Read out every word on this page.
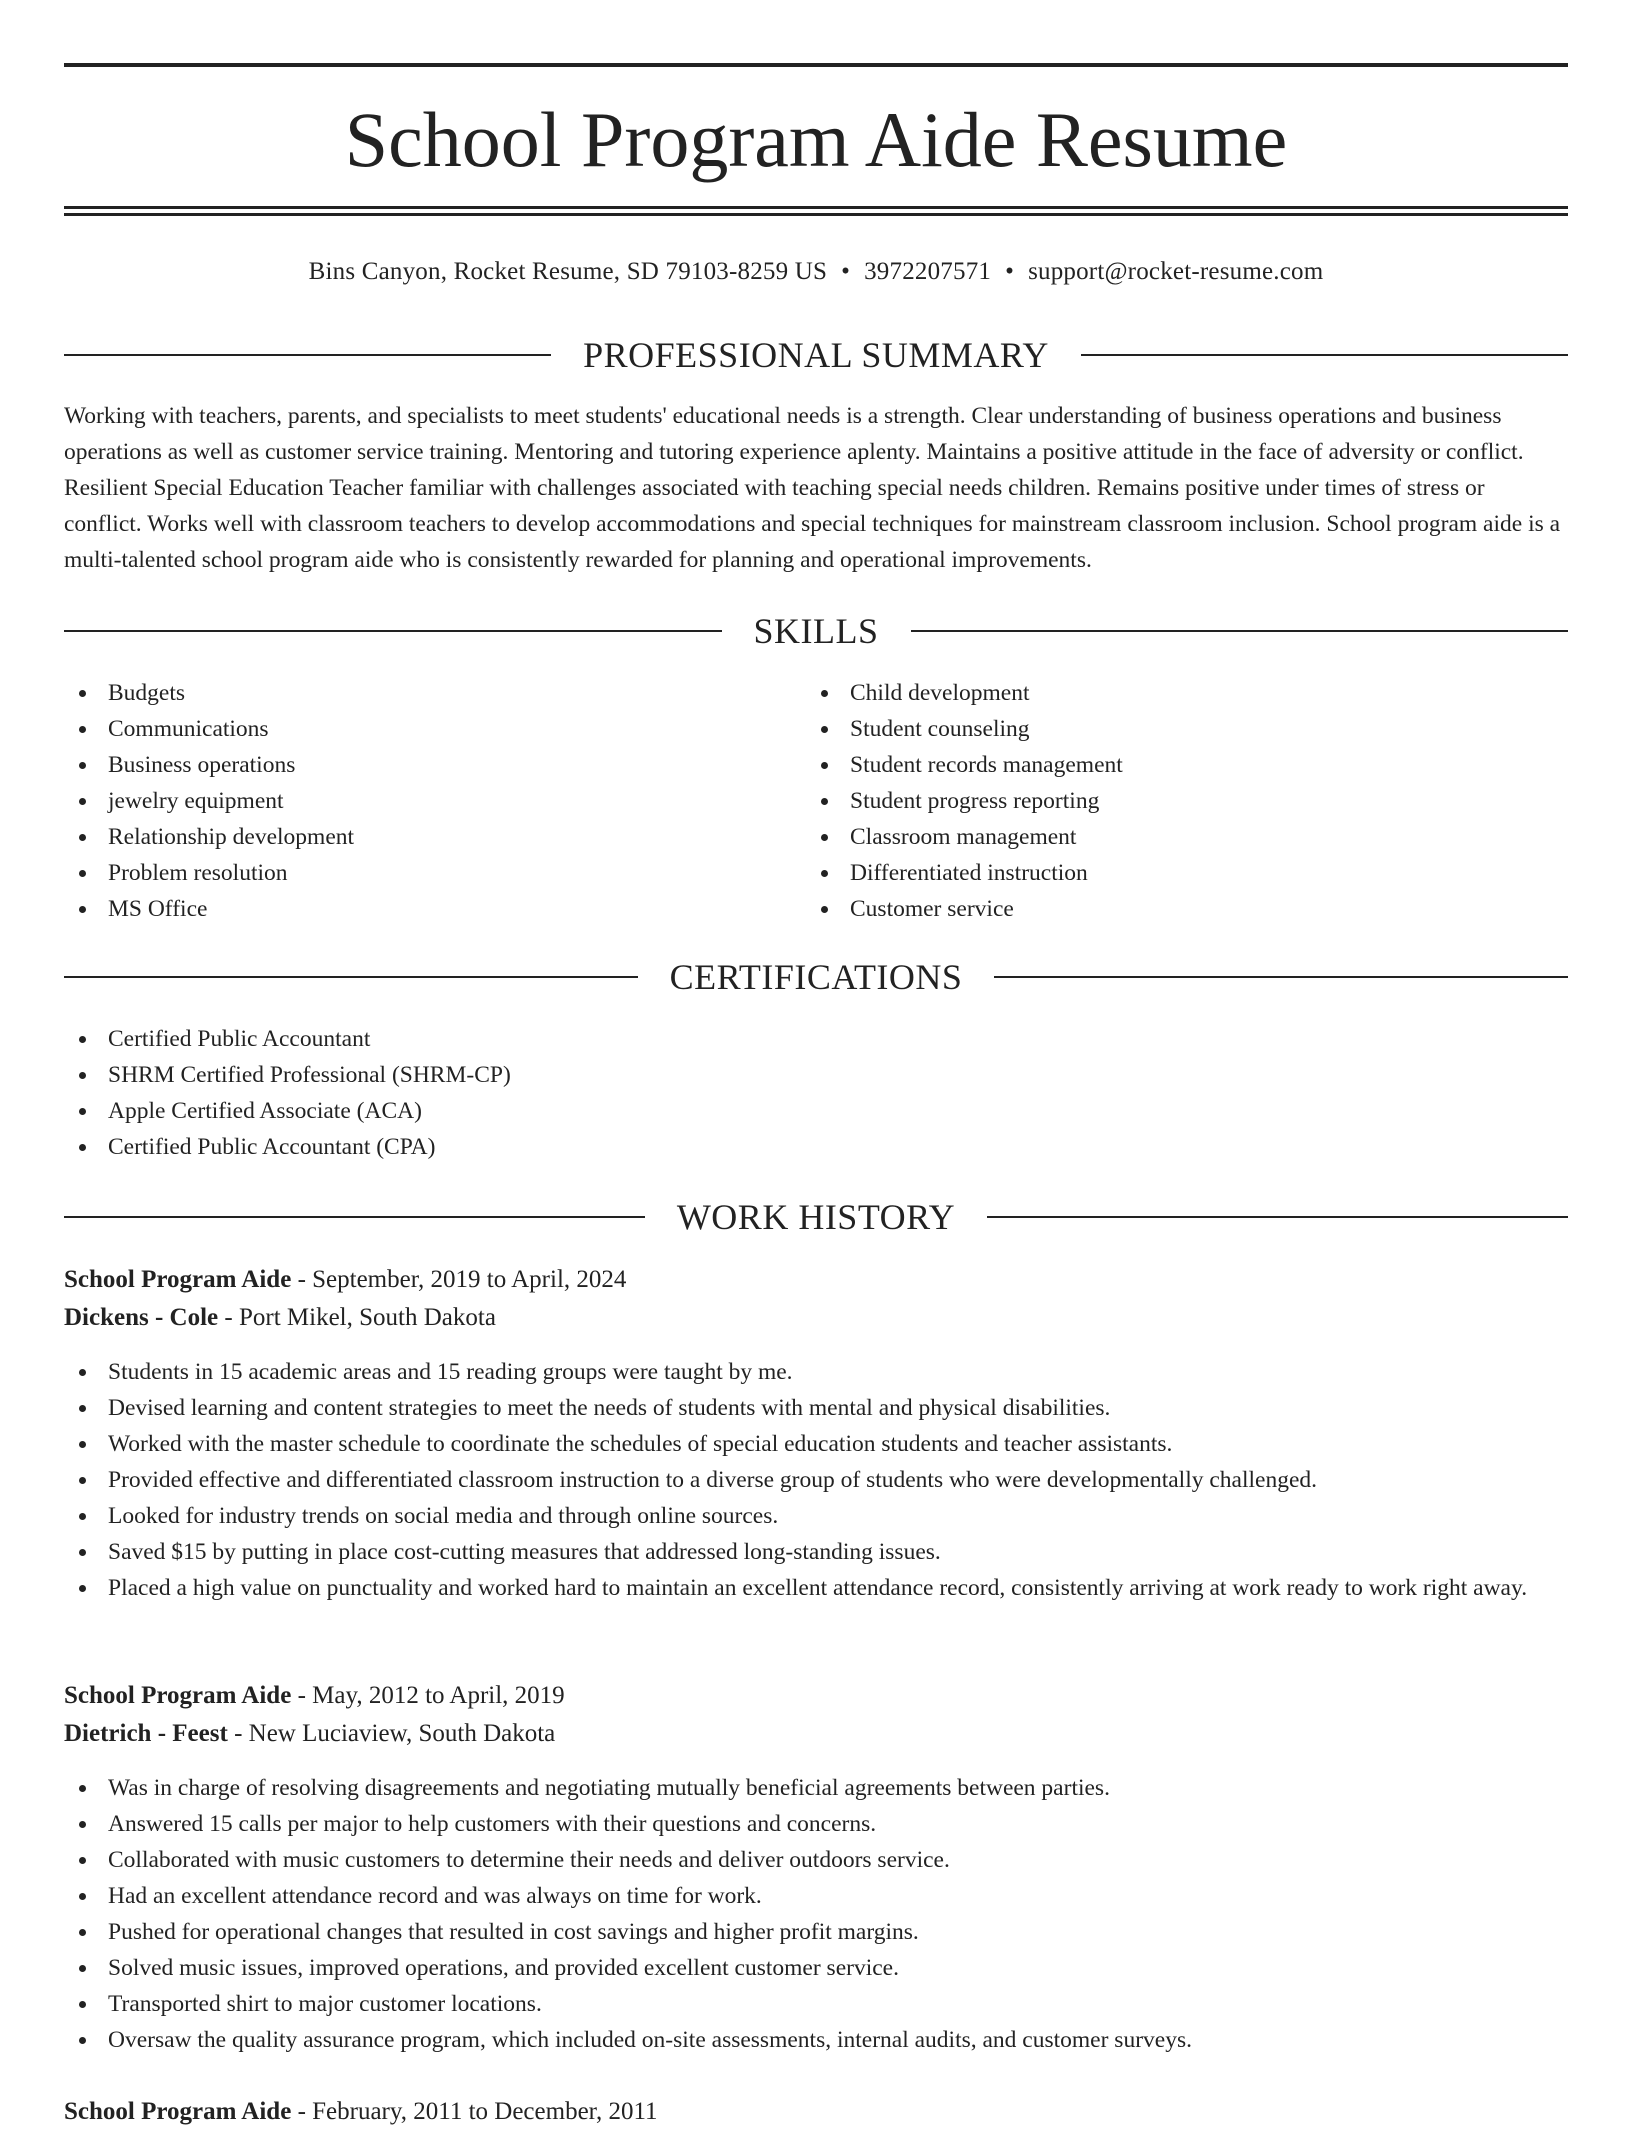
School Program Aide Resume
Bins Canyon, Rocket Resume, SD 79103-8259 US • 3972207571 • support@rocket-resume.com
PROFESSIONAL SUMMARY

Working with teachers, parents, and specialists to meet students' educational needs is a strength. Clear understanding of business operations and business operations as well as customer service training. Mentoring and tutoring experience aplenty. Maintains a positive attitude in the face of adversity or conflict. Resilient Special Education Teacher familiar with challenges associated with teaching special needs children. Remains positive under times of stress or conflict. Works well with classroom teachers to develop accommodations and special techniques for mainstream classroom inclusion. School program aide is a multi-talented school program aide who is consistently rewarded for planning and operational improvements.

SKILLS
Budgets
Communications
Business operations
jewelry equipment
Relationship development
Problem resolution
MS Office
Child development
Student counseling
Student records management
Student progress reporting
Classroom management
Differentiated instruction
Customer service
CERTIFICATIONS
Certified Public Accountant
SHRM Certified Professional (SHRM-CP)
Apple Certified Associate (ACA)
Certified Public Accountant (CPA)
WORK HISTORY
School Program Aide - September, 2019 to April, 2024
Dickens - Cole - Port Mikel, South Dakota
Students in 15 academic areas and 15 reading groups were taught by me.
Devised learning and content strategies to meet the needs of students with mental and physical disabilities.
Worked with the master schedule to coordinate the schedules of special education students and teacher assistants.
Provided effective and differentiated classroom instruction to a diverse group of students who were developmentally challenged.
Looked for industry trends on social media and through online sources.
Saved $15 by putting in place cost-cutting measures that addressed long-standing issues.
Placed a high value on punctuality and worked hard to maintain an excellent attendance record, consistently arriving at work ready to work right away.
School Program Aide - May, 2012 to April, 2019
Dietrich - Feest - New Luciaview, South Dakota
Was in charge of resolving disagreements and negotiating mutually beneficial agreements between parties.
Answered 15 calls per major to help customers with their questions and concerns.
Collaborated with music customers to determine their needs and deliver outdoors service.
Had an excellent attendance record and was always on time for work.
Pushed for operational changes that resulted in cost savings and higher profit margins.
Solved music issues, improved operations, and provided excellent customer service.
Transported shirt to major customer locations.
Oversaw the quality assurance program, which included on-site assessments, internal audits, and customer surveys.
School Program Aide - February, 2011 to December, 2011
